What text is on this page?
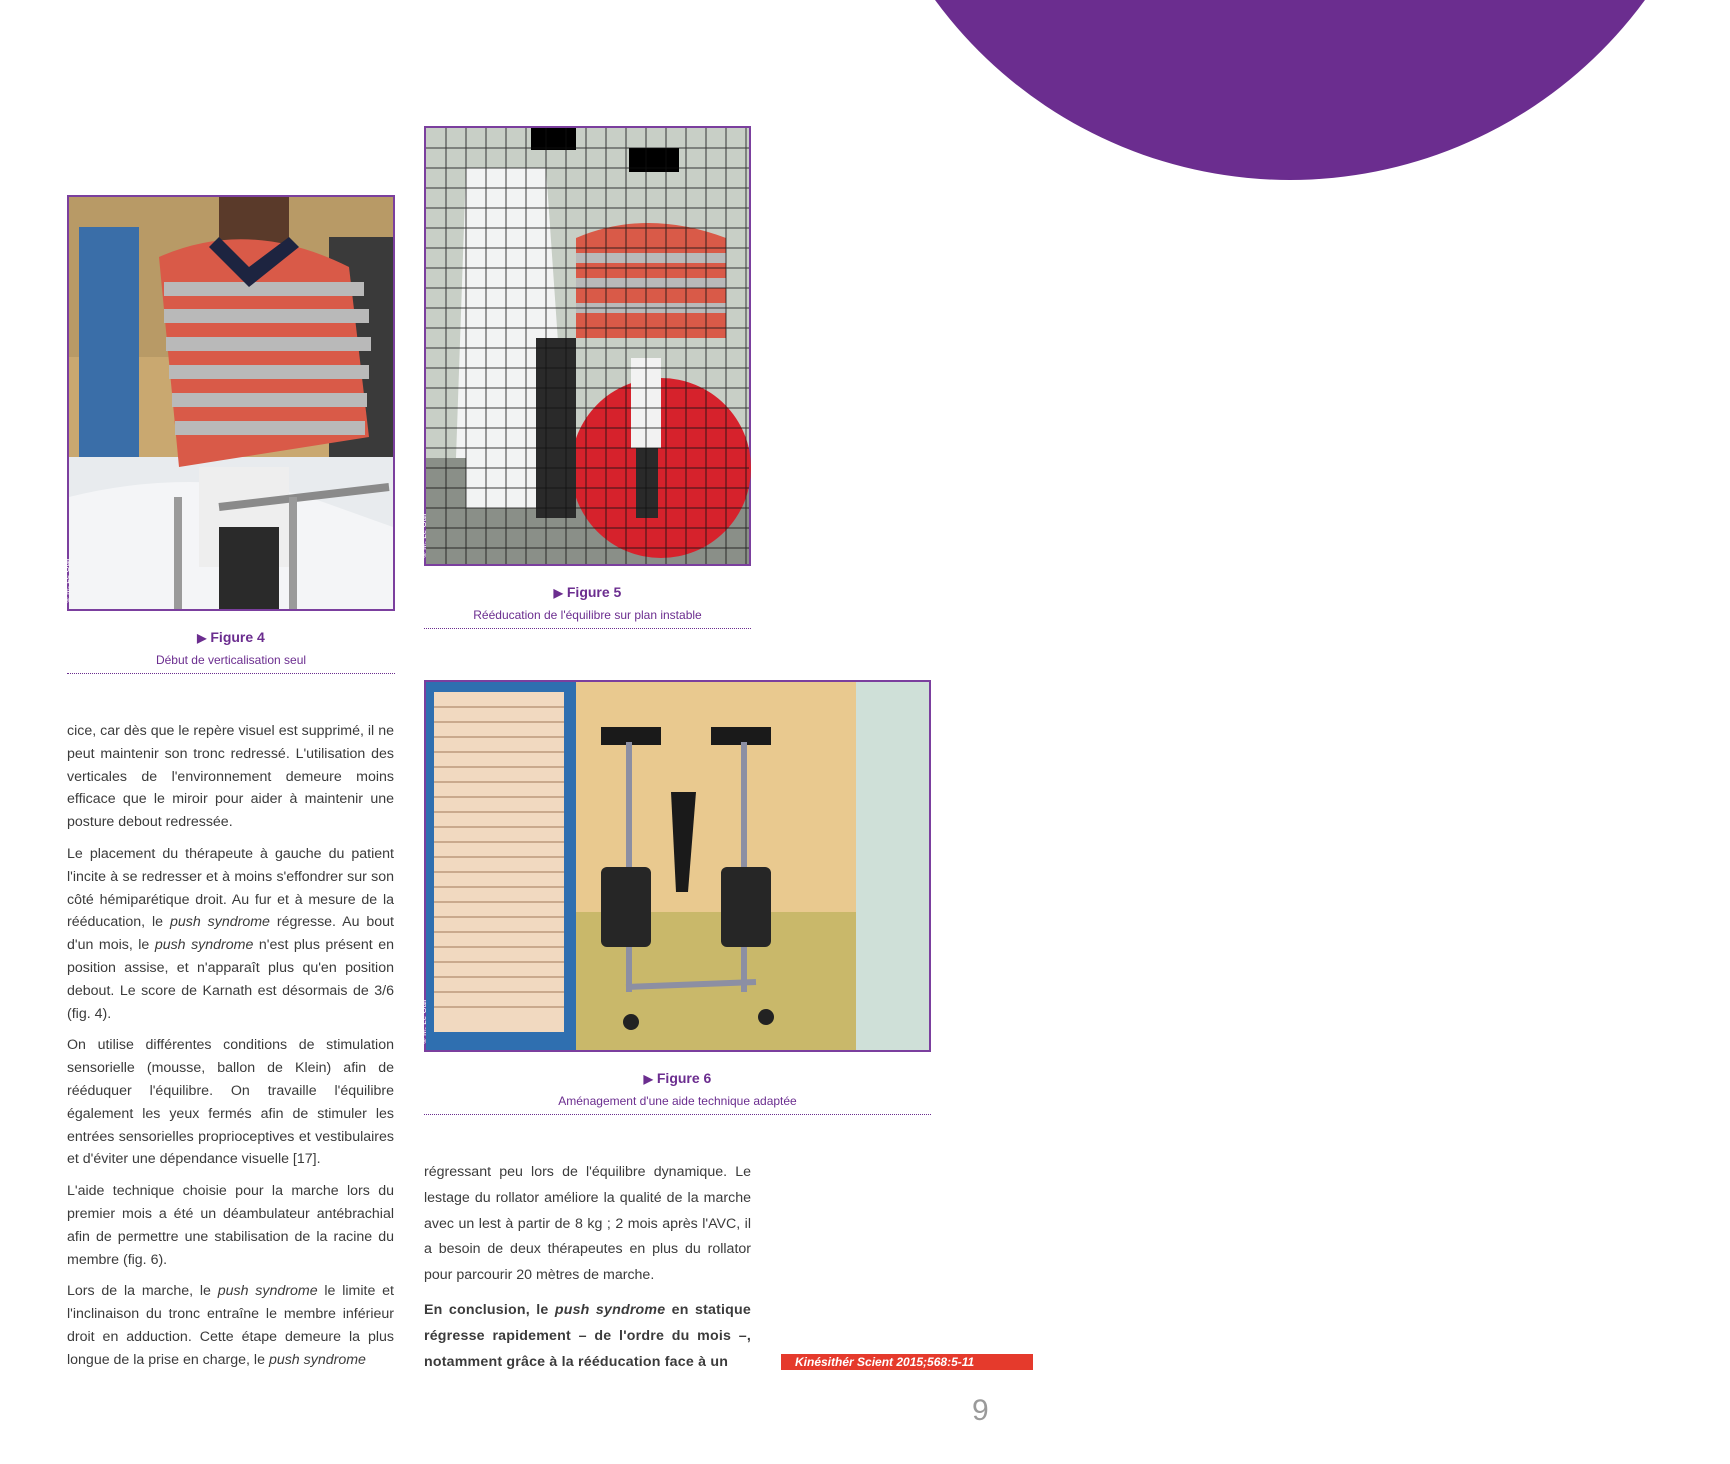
© M. Le Gall
▶ Figure 4
Début de verticalisation seul
© M. Le Gall
▶ Figure 5
Rééducation de l'équilibre sur plan instable
© M. Le Gall
▶ Figure 6
Aménagement d'une aide technique adaptée

cice, car dès que le repère visuel est supprimé, il ne peut maintenir son tronc redressé. L'utilisation des verticales de l'environnement demeure moins efficace que le miroir pour aider à maintenir une posture debout redressée.

Le placement du thérapeute à gauche du patient l'incite à se redresser et à moins s'effondrer sur son côté hémiparétique droit. Au fur et à mesure de la rééducation, le push syndrome régresse. Au bout d'un mois, le push syndrome n'est plus présent en position assise, et n'apparaît plus qu'en position debout. Le score de Karnath est désormais de 3/6 (fig. 4).

On utilise différentes conditions de stimulation sensorielle (mousse, ballon de Klein) afin de rééduquer l'équilibre. On travaille l'équilibre également les yeux fermés afin de stimuler les entrées sensorielles proprioceptives et vestibulaires et d'éviter une dépendance visuelle [17].

L'aide technique choisie pour la marche lors du premier mois a été un déambulateur antébrachial afin de permettre une stabilisation de la racine du membre (fig. 6).

Lors de la marche, le push syndrome le limite et l'inclinaison du tronc entraîne le membre inférieur droit en adduction. Cette étape demeure la plus longue de la prise en charge, le push syndrome

régressant peu lors de l'équilibre dynamique. Le lestage du rollator améliore la qualité de la marche avec un lest à partir de 8 kg ; 2 mois après l'AVC, il a besoin de deux thérapeutes en plus du rollator pour parcourir 20 mètres de marche.

En conclusion, le push syndrome en statique régresse rapidement – de l'ordre du mois –, notamment grâce à la rééducation face à un	Kinésithér Scient 2015;568:5-11
9
